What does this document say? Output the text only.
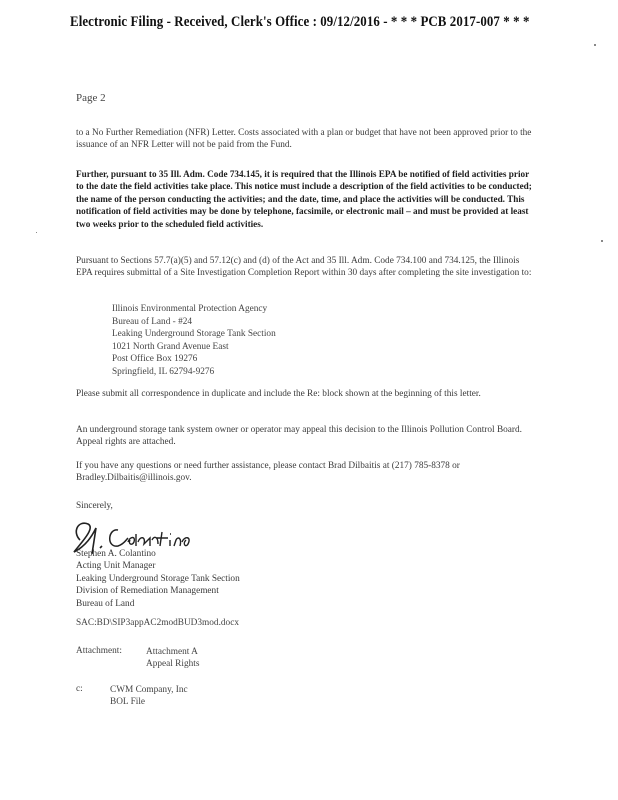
Electronic Filing - Received, Clerk's Office : 09/12/2016 - * * * PCB 2017-007 * * *
Page 2
to a No Further Remediation (NFR) Letter. Costs associated with a plan or budget that have not been approved prior to the issuance of an NFR Letter will not be paid from the Fund.
Further, pursuant to 35 Ill. Adm. Code 734.145, it is required that the Illinois EPA be notified of field activities prior to the date the field activities take place. This notice must include a description of the field activities to be conducted; the name of the person conducting the activities; and the date, time, and place the activities will be conducted. This notification of field activities may be done by telephone, facsimile, or electronic mail – and must be provided at least two weeks prior to the scheduled field activities.
Pursuant to Sections 57.7(a)(5) and 57.12(c) and (d) of the Act and 35 Ill. Adm. Code 734.100 and 734.125, the Illinois EPA requires submittal of a Site Investigation Completion Report within 30 days after completing the site investigation to:
Illinois Environmental Protection Agency
Bureau of Land - #24
Leaking Underground Storage Tank Section
1021 North Grand Avenue East
Post Office Box 19276
Springfield, IL 62794-9276
Please submit all correspondence in duplicate and include the Re: block shown at the beginning of this letter.
An underground storage tank system owner or operator may appeal this decision to the Illinois Pollution Control Board. Appeal rights are attached.
If you have any questions or need further assistance, please contact Brad Dilbaitis at (217) 785-8378 or Bradley.Dilbaitis@illinois.gov.
Sincerely,
Stephen A. Colantino
Acting Unit Manager
Leaking Underground Storage Tank Section
Division of Remediation Management
Bureau of Land
SAC:BD\SIP3appAC2modBUD3mod.docx
Attachment:	Attachment A
Appeal Rights
c:	CWM Company, Inc
BOL File
